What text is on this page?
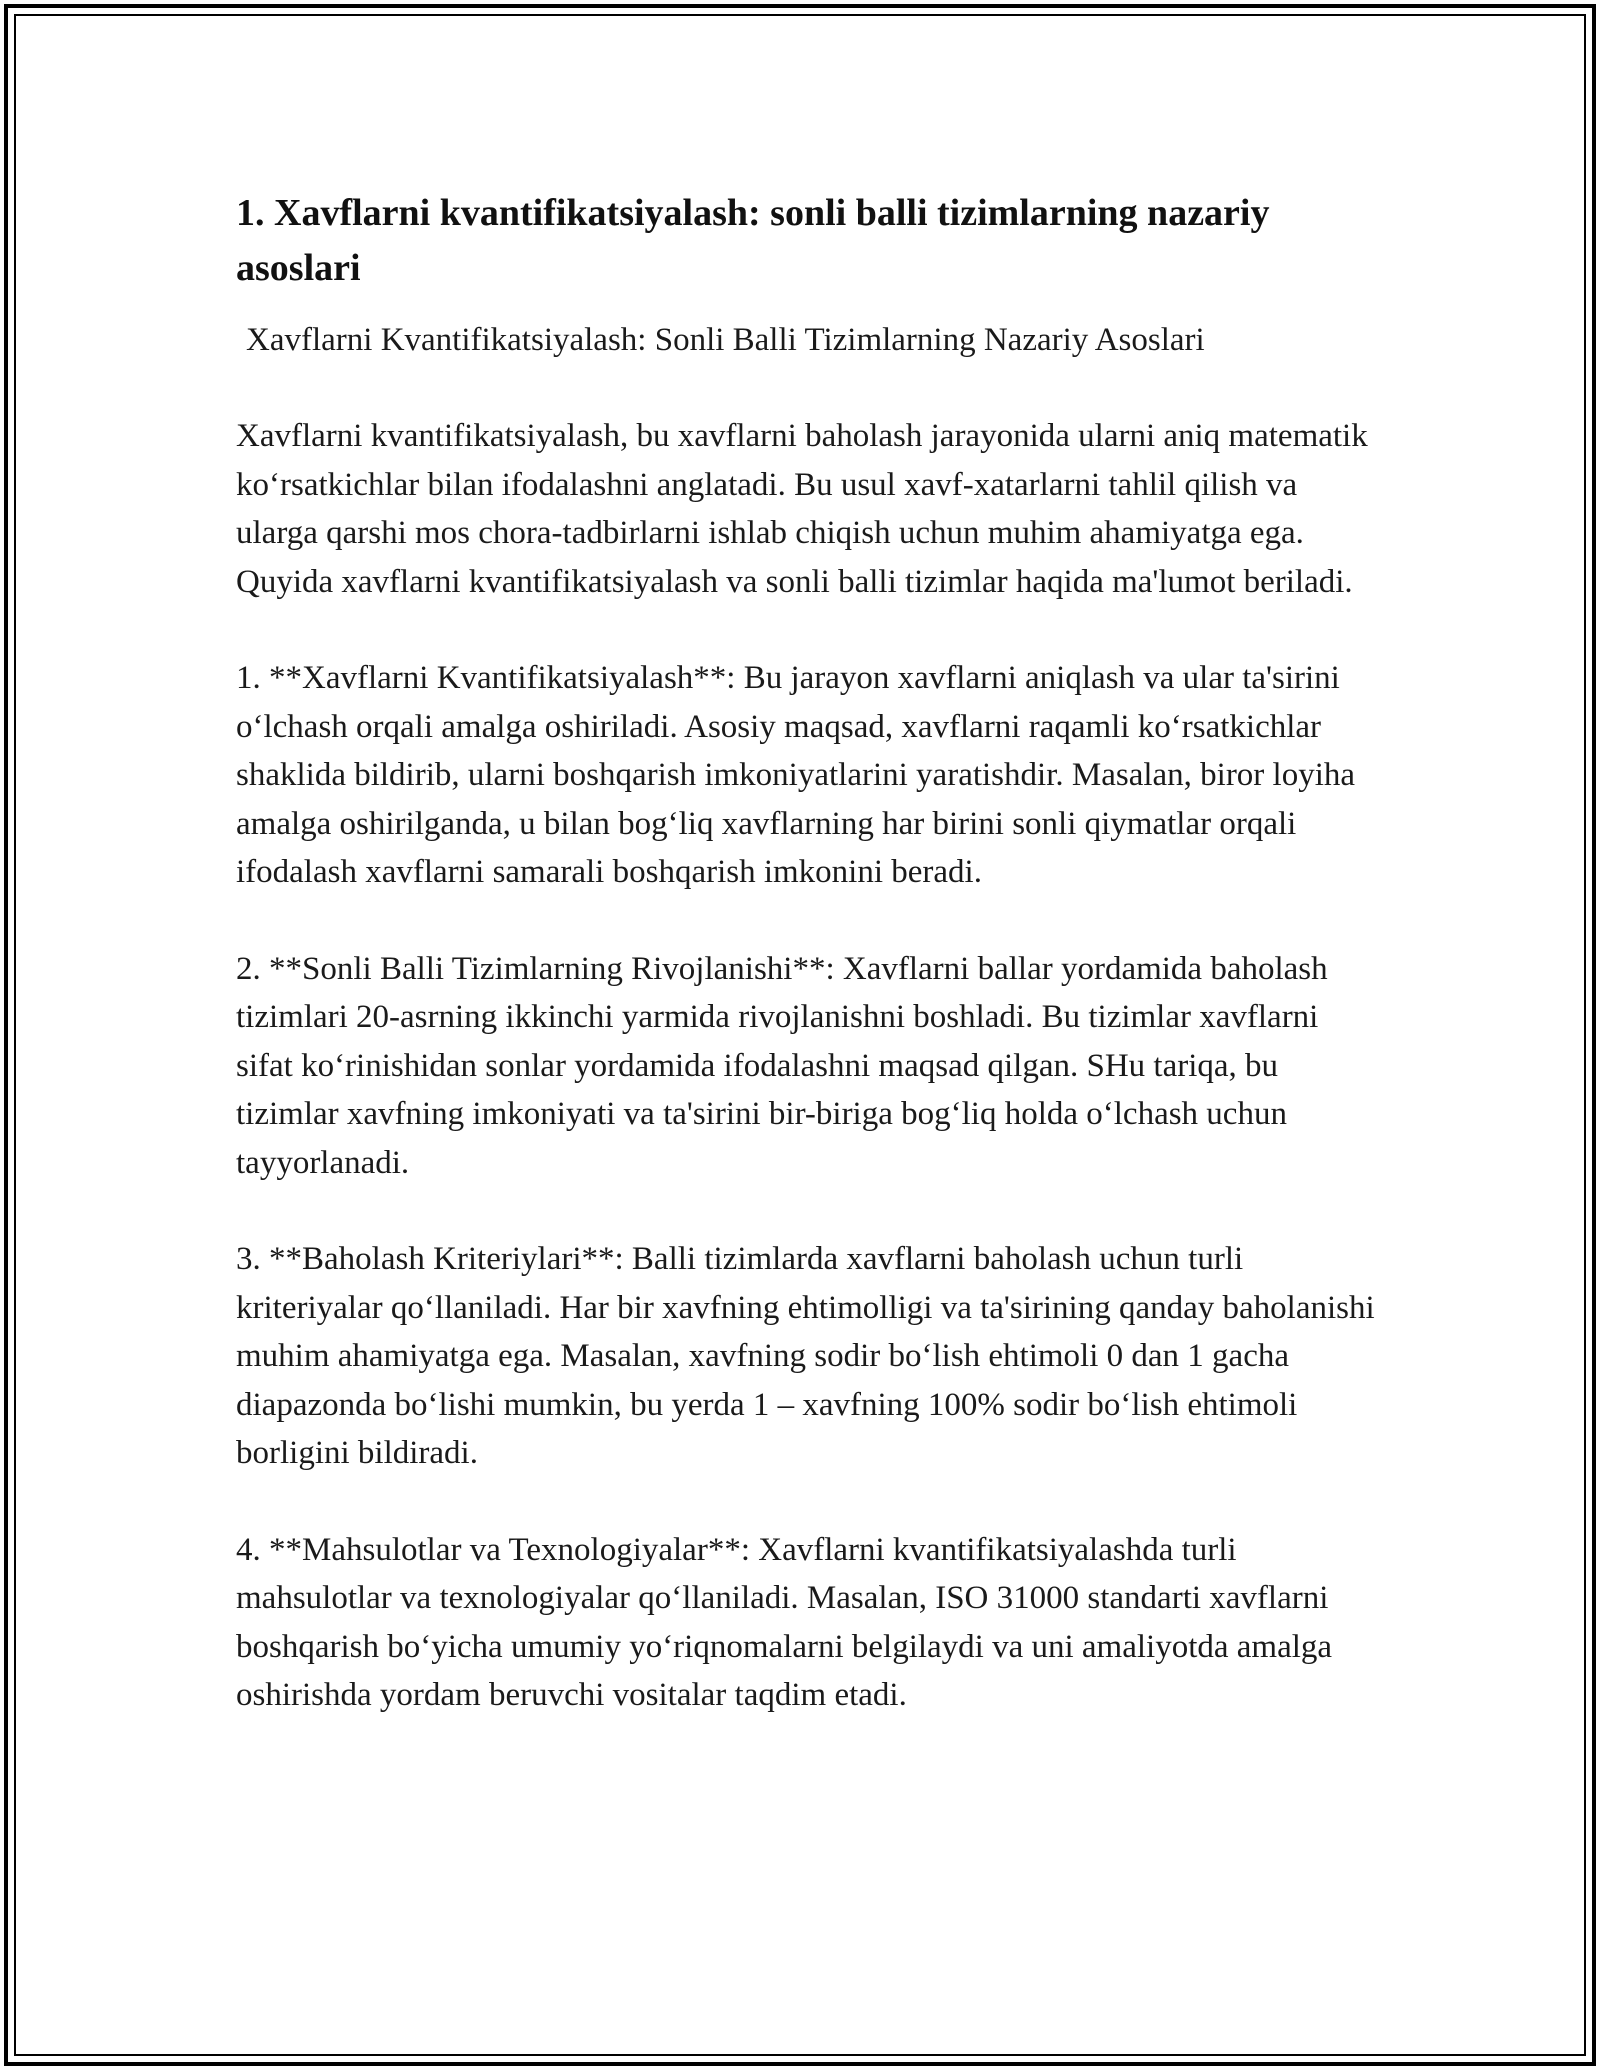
1. Xavflarni kvantifikatsiyalash: sonli balli tizimlarning nazariy asoslari

Xavflarni Kvantifikatsiyalash: Sonli Balli Tizimlarning Nazariy Asoslari

Xavflarni kvantifikatsiyalash, bu xavflarni baholash jarayonida ularni aniq matematik ko‘rsatkichlar bilan ifodalashni anglatadi. Bu usul xavf-xatarlarni tahlil qilish va ularga qarshi mos chora-tadbirlarni ishlab chiqish uchun muhim ahamiyatga ega. Quyida xavflarni kvantifikatsiyalash va sonli balli tizimlar haqida ma'lumot beriladi.

1. **Xavflarni Kvantifikatsiyalash**: Bu jarayon xavflarni aniqlash va ular ta'sirini o‘lchash orqali amalga oshiriladi. Asosiy maqsad, xavflarni raqamli ko‘rsatkichlar shaklida bildirib, ularni boshqarish imkoniyatlarini yaratishdir. Masalan, biror loyiha amalga oshirilganda, u bilan bog‘liq xavflarning har birini sonli qiymatlar orqali ifodalash xavflarni samarali boshqarish imkonini beradi.

2. **Sonli Balli Tizimlarning Rivojlanishi**: Xavflarni ballar yordamida baholash tizimlari 20-asrning ikkinchi yarmida rivojlanishni boshladi. Bu tizimlar xavflarni sifat ko‘rinishidan sonlar yordamida ifodalashni maqsad qilgan. SHu tariqa, bu tizimlar xavfning imkoniyati va ta'sirini bir-biriga bog‘liq holda o‘lchash uchun tayyorlanadi.

3. **Baholash Kriteriylari**: Balli tizimlarda xavflarni baholash uchun turli kriteriyalar qo‘llaniladi. Har bir xavfning ehtimolligi va ta'sirining qanday baholanishi muhim ahamiyatga ega. Masalan, xavfning sodir bo‘lish ehtimoli 0 dan 1 gacha diapazonda bo‘lishi mumkin, bu yerda 1 – xavfning 100% sodir bo‘lish ehtimoli borligini bildiradi.

4. **Mahsulotlar va Texnologiyalar**: Xavflarni kvantifikatsiyalashda turli mahsulotlar va texnologiyalar qo‘llaniladi. Masalan, ISO 31000 standarti xavflarni boshqarish bo‘yicha umumiy yo‘riqnomalarni belgilaydi va uni amaliyotda amalga oshirishda yordam beruvchi vositalar taqdim etadi.
